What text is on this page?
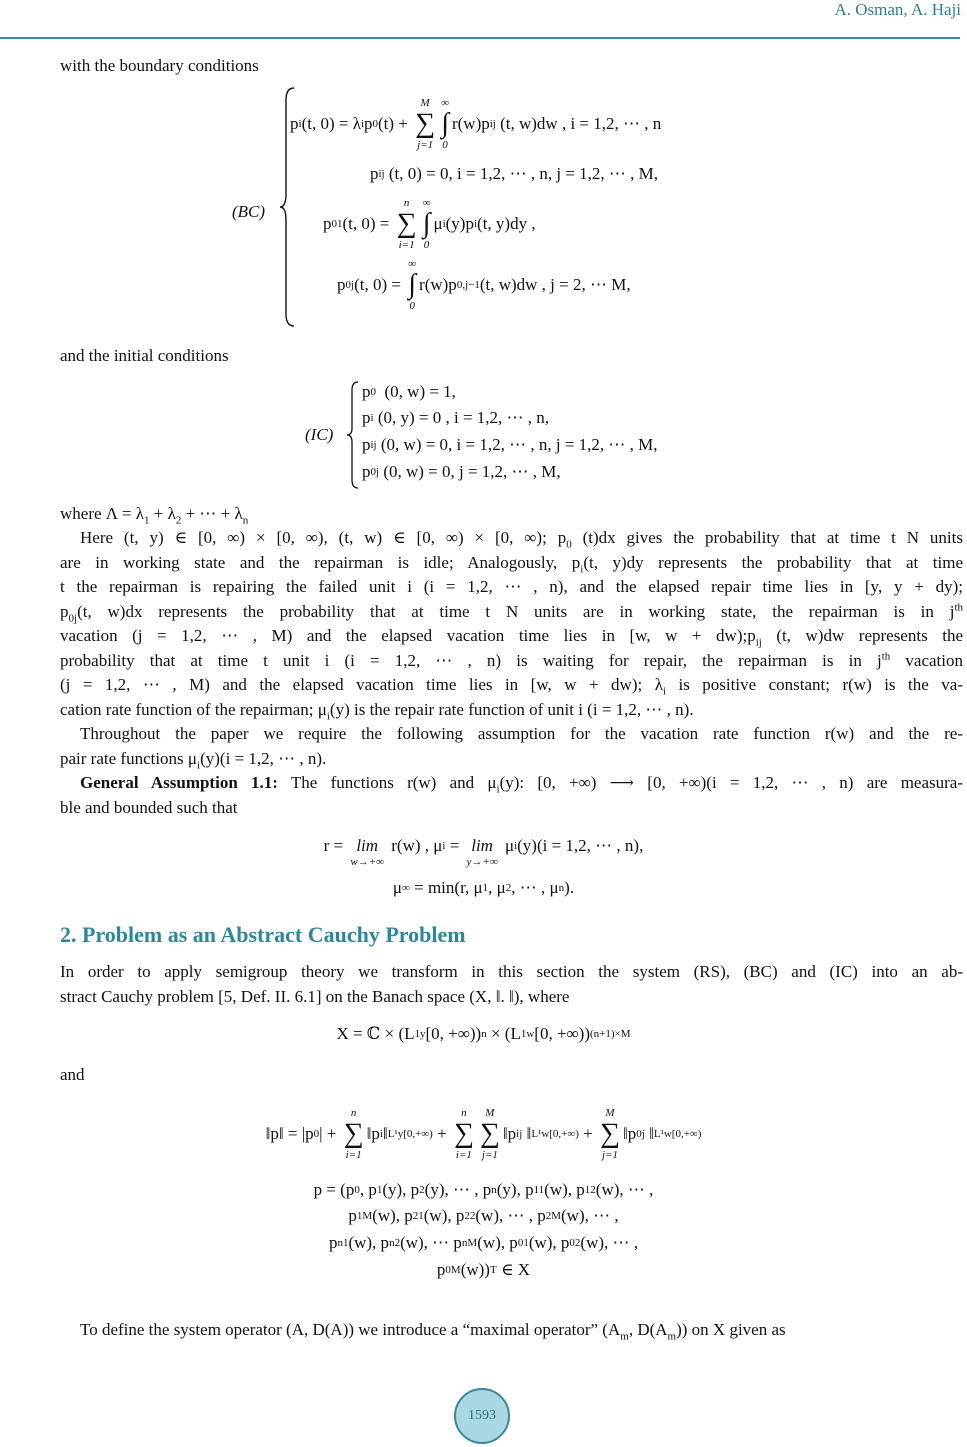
A. Osman, A. Haji
with the boundary conditions
(BC)
p i (t, 0) = λ i p 0 (t) +
M
∑
j=1
∞
∫
0
r(w)p ij (t, w)dw , i = 1,2, ⋯ , n
p ij (t, 0) = 0, i = 1,2, ⋯ , n, j = 1,2, ⋯ , M,
p 01 (t, 0) =
n
∑
i=1
∞
∫
0
μ i (y)p i (t, y)dy ,
p 0j (t, 0) =
∞
∫
0
r(w)p 0,j−1 (t, w)dw , j = 2, ⋯ M,
and the initial conditions
(IC)
p 0 (0, w) = 1,
p i (0, y) = 0 , i = 1,2, ⋯ , n,
p ij (0, w) = 0, i = 1,2, ⋯ , n, j = 1,2, ⋯ , M,
p 0j (0, w) = 0, j = 1,2, ⋯ , M,
where $\Lambda = \lambda_1 + \lambda_2$ + ⋯ + $\lambda_n$
Here (t, y) ∈ [0, ∞) × [0, ∞), (t, w) ∈ [0, ∞) × [0, ∞); $p_0$ (t)dx gives the probability that at time t N units
are in working state and the repairman is idle; Analogously, $p_i(t$, y)dy represents the probability that at time
t the repairman is repairing the failed unit i (i = 1,2, ⋯ , n), and the elapsed repair time lies in [y, y + dy);
$p_{0j}(t$, w)dx represents the probability that at time t N units are in working state, the repairman is in $j^{th}$
vacation (j = 1,2, ⋯ , M) and the elapsed vacation time lies in [w, $w + dw);p_{ij}$ (t, w)dw represents the
probability that at time t unit i (i = 1,2, ⋯ , n) is waiting for repair, the repairman is in $j^{th}$ vacation
(j = 1,2, ⋯ , M) and the elapsed vacation time lies in [w, w + dw); $\lambda_i$ is positive constant; r(w) is the va-
cation rate function of the repairman; $\mu_i(y)$ is the repair rate function of unit i (i = 1,2, ⋯ , n).
Throughout the paper we require the following assumption for the vacation rate function r(w) and the re-
pair rate functions $\mu_i(y)(i = 1,2$, ⋯ , n).
General Assumption 1.1: The functions r(w) and $\mu_i(y)$: [0, +∞) ⟶ [0, +∞)(i = 1,2, ⋯ , n) are measura-
ble and bounded such that
r = lim
w→+∞
r(w) , μ i = lim
y→+∞
μ i (y)(i = 1,2, ⋯ , n),
μ ∞ = min(r, μ 1 , μ 2 , ⋯ , μ n ).
2. Problem as an Abstract Cauchy Problem
In order to apply semigroup theory we transform in this section the system (RS), (BC) and (IC) into an ab-
stract Cauchy problem [5, Def. II. 6.1] on the Banach space (X, ‖. ‖), where
X = ℂ × (L 1 y [0, +∞)) n × (L 1 w [0, +∞)) (n+1)×M
and
‖p‖ = |p 0 | +
n
∑
i=1
‖p i ‖ L¹y[0,+∞) +
n
∑
i=1
M
∑
j=1
‖p ij ‖ L¹w[0,+∞) +
M
∑
j=1
‖p 0j ‖ L¹w[0,+∞)
p = (p 0 , p 1 (y), p 2 (y), ⋯ , p n (y), p 11 (w), p 12 (w), ⋯ ,
p 1M (w), p 21 (w), p 22 (w), ⋯ , p 2M (w), ⋯ ,
p n1 (w), p n2 (w), ⋯ p nM (w), p 01 (w), p 02 (w), ⋯ ,
p 0M (w)) T ∈ X
To define the system operator (A, D(A)) we introduce a “maximal operator” ($A_m$, $D(A_m)$) on X given as
1593
